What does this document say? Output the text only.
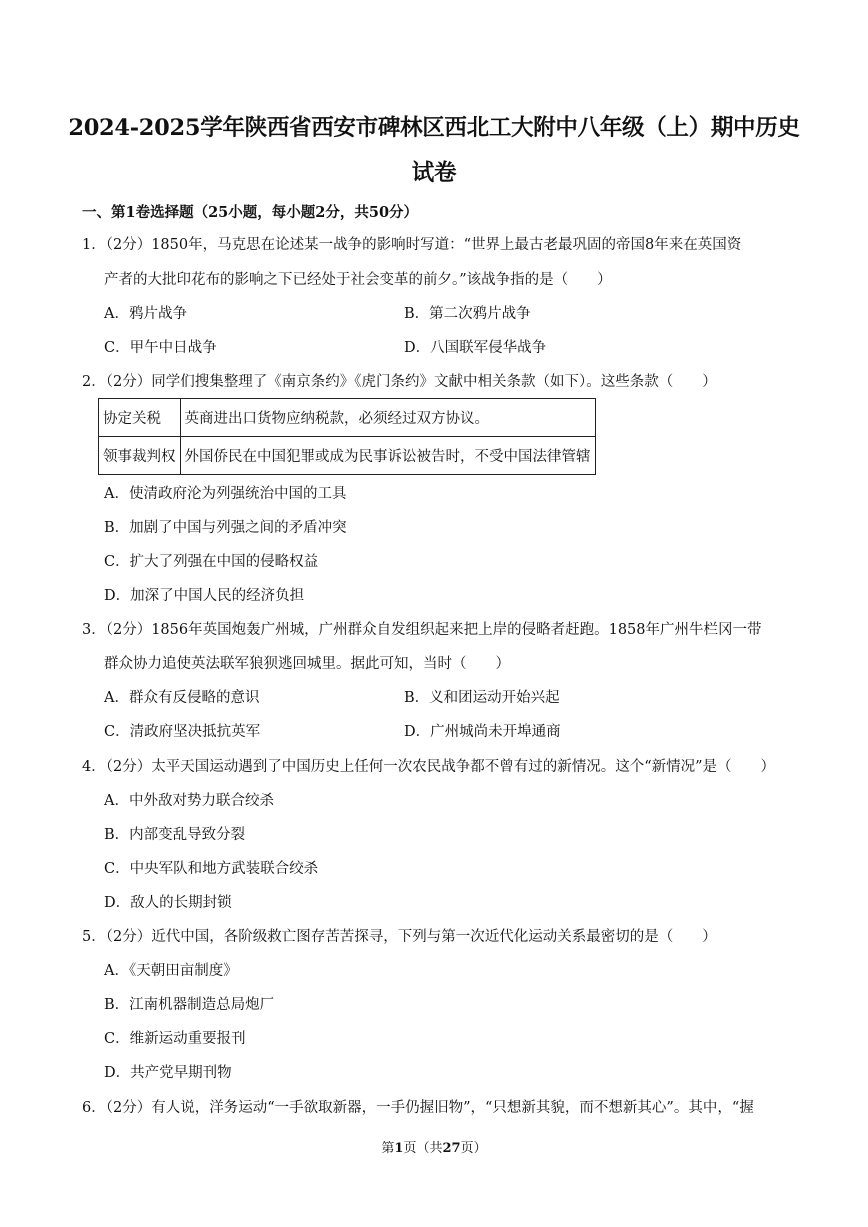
2024-2025学年陕西省西安市碑林区西北工大附中八年级（上）期中历史
试卷
一、第1卷选择题（25小题，每小题2分，共50分）
1．（2分）1850年，马克思在论述某一战争的影响时写道：“世界上最古老最巩固的帝国8年来在英国资
产者的大批印花布的影响之下已经处于社会变革的前夕。”该战争指的是（　　）
A．鸦片战争	B．第二次鸦片战争
C．甲午中日战争	D．八国联军侵华战争
2．（2分）同学们搜集整理了《南京条约》《虎门条约》文献中相关条款（如下）。这些条款（　　）
协定关税	英商进出口货物应纳税款，必须经过双方协议。
领事裁判权	外国侨民在中国犯罪或成为民事诉讼被告时，不受中国法律管辖
A．使清政府沦为列强统治中国的工具
B．加剧了中国与列强之间的矛盾冲突
C．扩大了列强在中国的侵略权益
D．加深了中国人民的经济负担
3．（2分）1856年英国炮轰广州城，广州群众自发组织起来把上岸的侵略者赶跑。1858年广州牛栏冈一带
群众协力追使英法联军狼狈逃回城里。据此可知，当时（　　）
A．群众有反侵略的意识	B．义和团运动开始兴起
C．清政府坚决抵抗英军	D．广州城尚未开埠通商
4．（2分）太平天国运动遇到了中国历史上任何一次农民战争都不曾有过的新情况。这个“新情况”是（　　）
A．中外敌对势力联合绞杀
B．内部变乱导致分裂
C．中央军队和地方武装联合绞杀
D．敌人的长期封锁
5．（2分）近代中国，各阶级救亡图存苦苦探寻，下列与第一次近代化运动关系最密切的是（　　）
A．《天朝田亩制度》
B．江南机器制造总局炮厂
C．维新运动重要报刊
D．共产党早期刊物
6．（2分）有人说，洋务运动“一手欲取新器，一手仍握旧物”，“只想新其貌，而不想新其心”。其中，“握
第1页（共27页）
